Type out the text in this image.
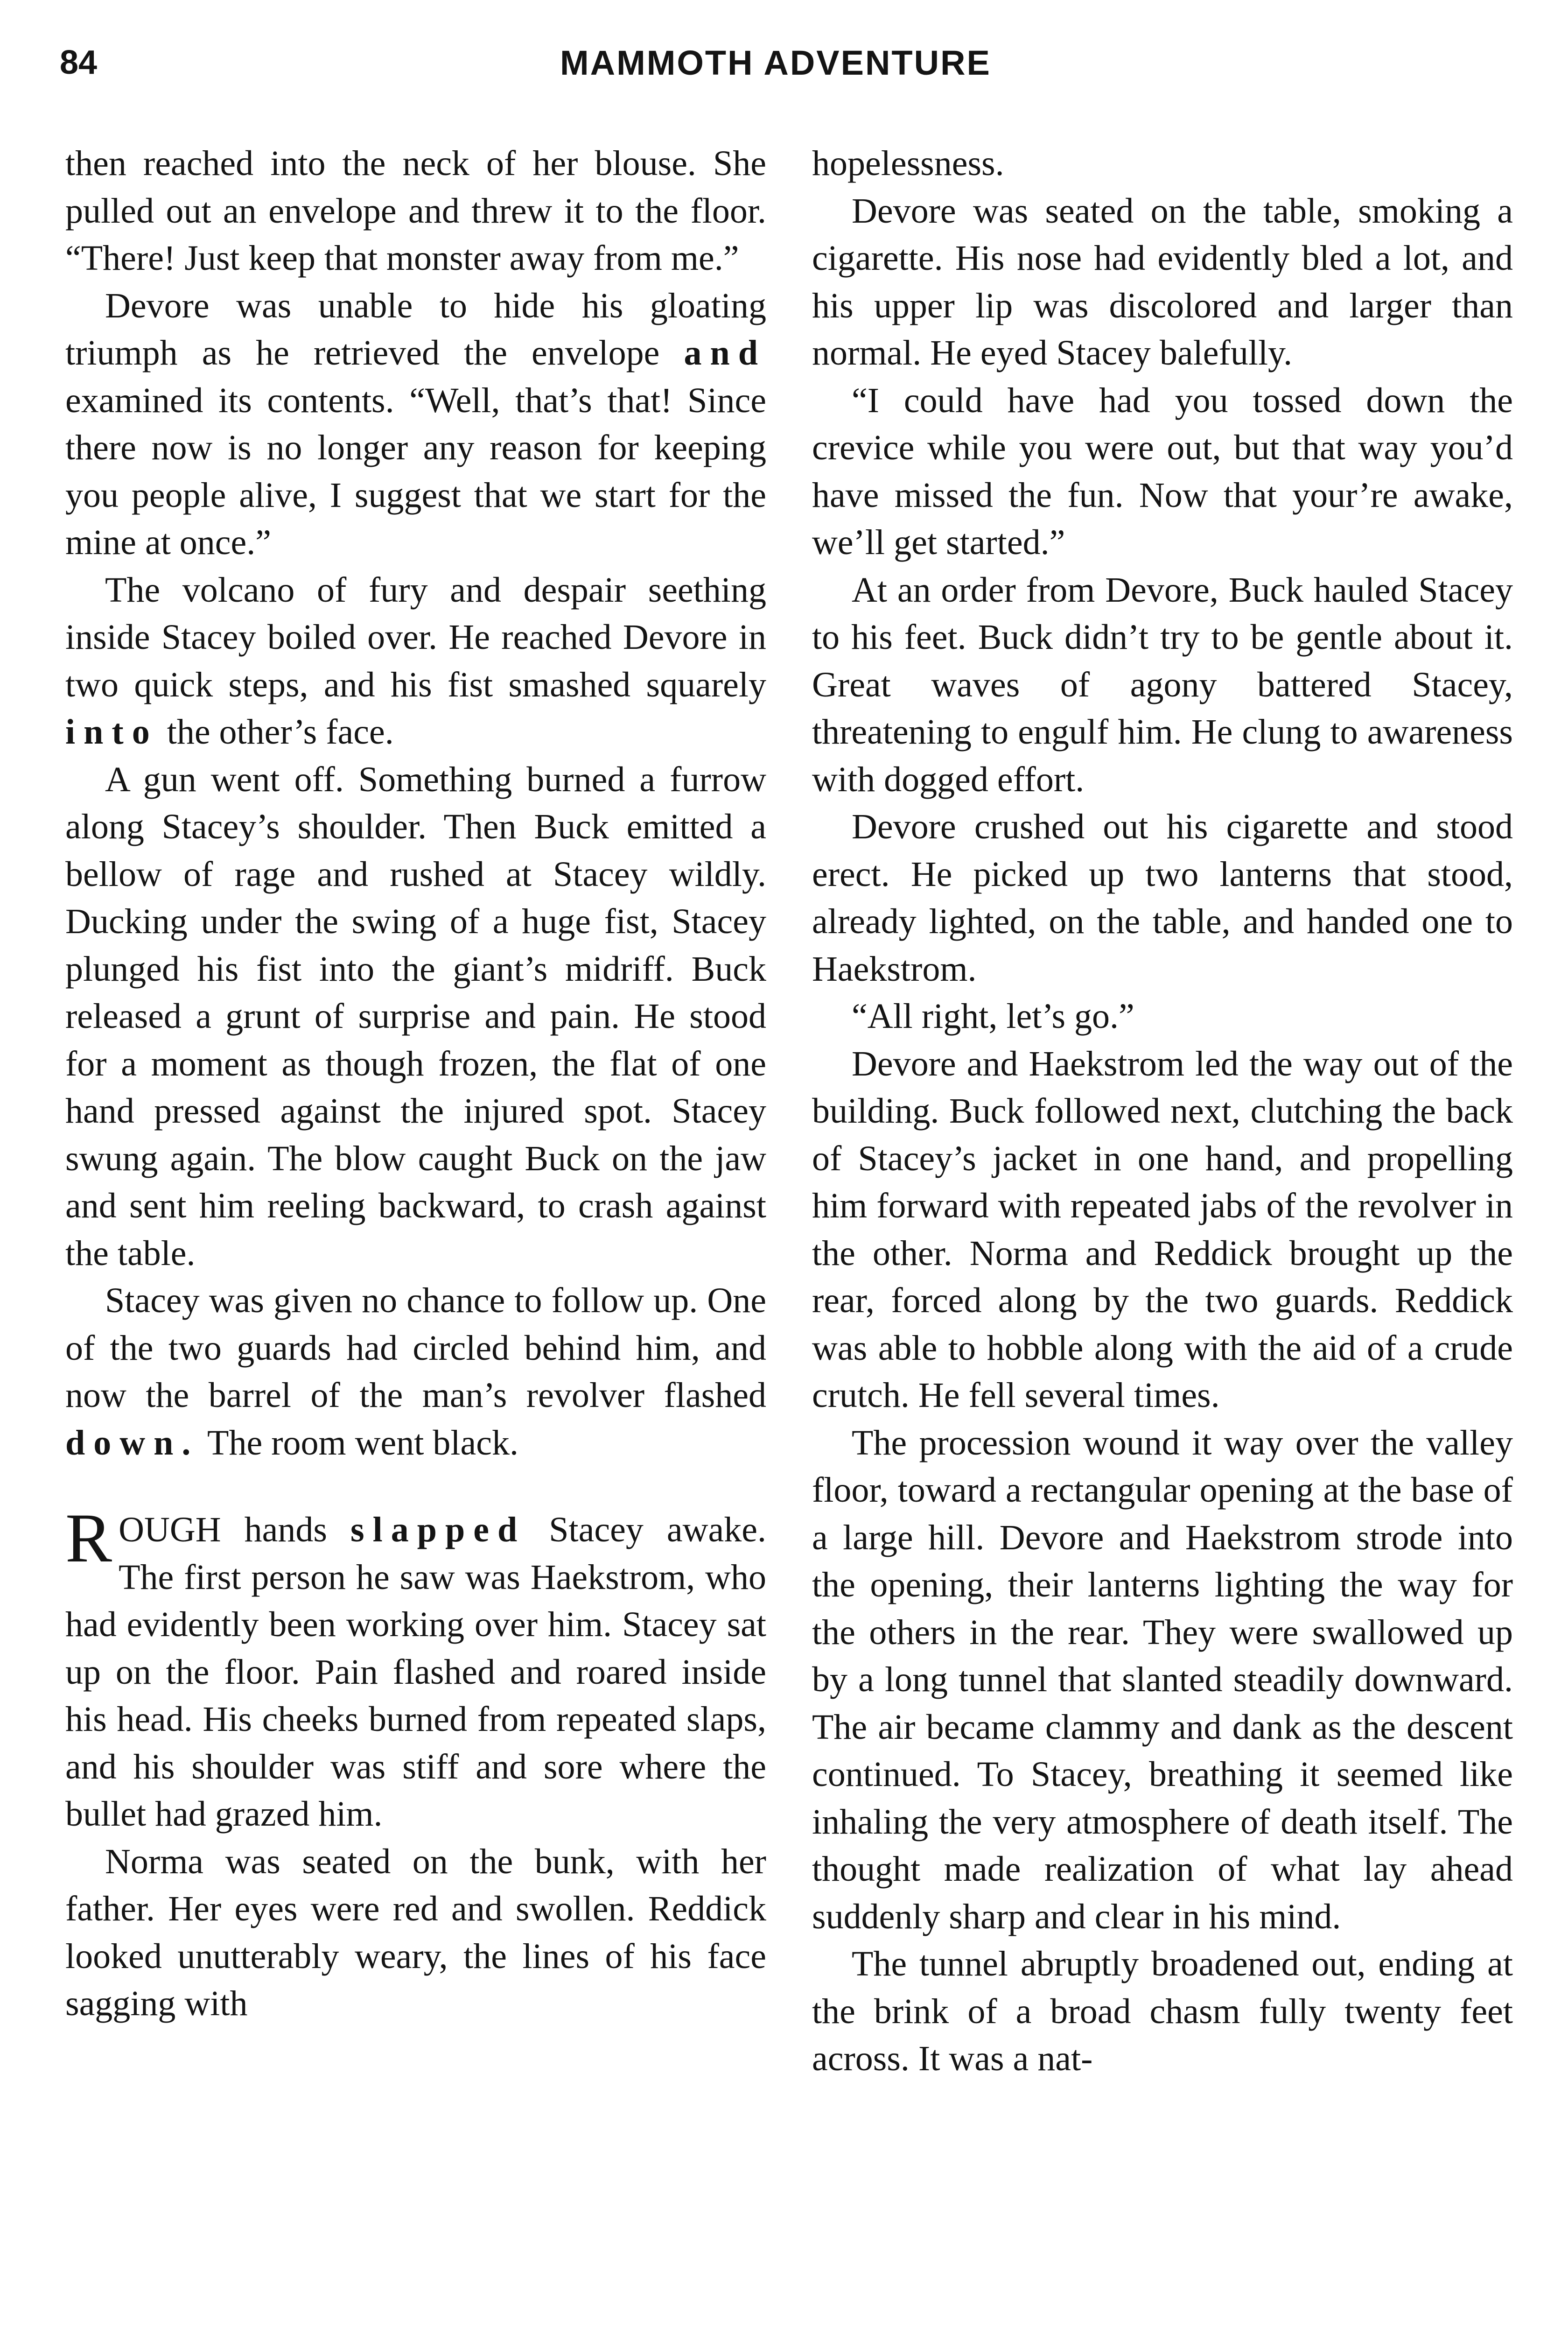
84	MAMMOTH ADVENTURE

then reached into the neck of her blouse. She pulled out an envelope and threw it to the floor. “There! Just keep that monster away from me.”

Devore was unable to hide his gloating triumph as he retrieved the envelope and examined its contents. “Well, that’s that! Since there now is no longer any reason for keeping you people alive, I suggest that we start for the mine at once.”

The volcano of fury and despair seething inside Stacey boiled over. He reached Devore in two quick steps, and his fist smashed squarely into the other’s face.

A gun went off. Something burned a furrow along Stacey’s shoulder. Then Buck emitted a bellow of rage and rushed at Stacey wildly. Ducking under the swing of a huge fist, Stacey plunged his fist into the giant’s midriff. Buck released a grunt of surprise and pain. He stood for a moment as though frozen, the flat of one hand pressed against the injured spot. Stacey swung again. The blow caught Buck on the jaw and sent him reeling backward, to crash against the table.

Stacey was given no chance to follow up. One of the two guards had circled behind him, and now the barrel of the man’s revolver flashed down. The room went black.

ROUGH hands slapped Stacey awake. The first person he saw was Haekstrom, who had evidently been working over him. Stacey sat up on the floor. Pain flashed and roared inside his head. His cheeks burned from repeated slaps, and his shoulder was stiff and sore where the bullet had grazed him.

Norma was seated on the bunk, with her father. Her eyes were red and swollen. Reddick looked unutterably weary, the lines of his face sagging with

hopelessness.

Devore was seated on the table, smoking a cigarette. His nose had evidently bled a lot, and his upper lip was discolored and larger than normal. He eyed Stacey balefully.

“I could have had you tossed down the crevice while you were out, but that way you’d have missed the fun. Now that your’re awake, we’ll get started.”

At an order from Devore, Buck hauled Stacey to his feet. Buck didn’t try to be gentle about it. Great waves of agony battered Stacey, threatening to engulf him. He clung to awareness with dogged effort.

Devore crushed out his cigarette and stood erect. He picked up two lanterns that stood, already lighted, on the table, and handed one to Haekstrom.

“All right, let’s go.”

Devore and Haekstrom led the way out of the building. Buck followed next, clutching the back of Stacey’s jacket in one hand, and propelling him forward with repeated jabs of the revolver in the other. Norma and Reddick brought up the rear, forced along by the two guards. Reddick was able to hobble along with the aid of a crude crutch. He fell several times.

The procession wound it way over the valley floor, toward a rectangular opening at the base of a large hill. Devore and Haekstrom strode into the opening, their lanterns lighting the way for the others in the rear. They were swallowed up by a long tunnel that slanted steadily downward. The air became clammy and dank as the descent continued. To Stacey, breathing it seemed like inhaling the very atmosphere of death itself. The thought made realization of what lay ahead suddenly sharp and clear in his mind.

The tunnel abruptly broadened out, ending at the brink of a broad chasm fully twenty feet across. It was a nat-
